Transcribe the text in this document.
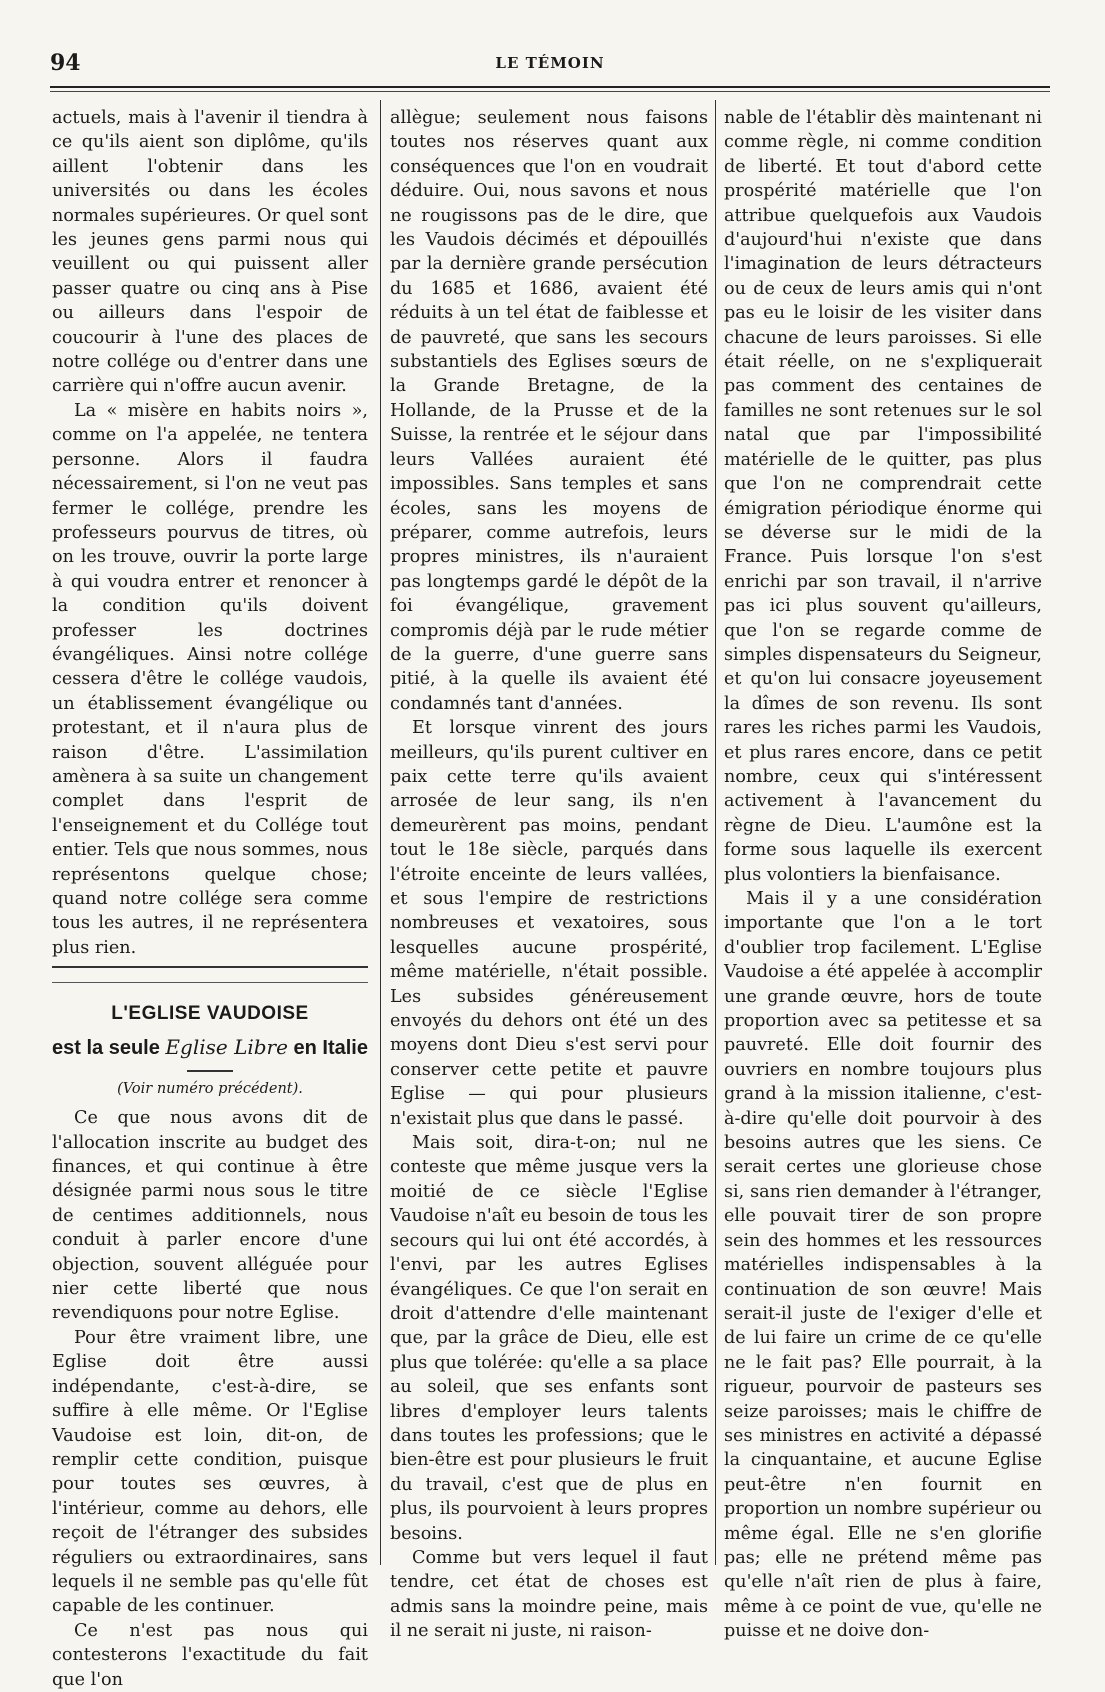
94	LE TÉMOIN

actuels, mais à l'avenir il tiendra à ce qu'ils aient son diplôme, qu'ils aillent l'obtenir dans les universités ou dans les écoles normales supérieures. Or quel sont les jeunes gens parmi nous qui veuillent ou qui puissent aller passer quatre ou cinq ans à Pise ou ailleurs dans l'espoir de coucourir à l'une des places de notre collége ou d'entrer dans une carrière qui n'offre aucun avenir.

La « misère en habits noirs », comme on l'a appelée, ne tentera personne. Alors il faudra nécessairement, si l'on ne veut pas fermer le collége, prendre les professeurs pourvus de titres, où on les trouve, ouvrir la porte large à qui voudra entrer et renoncer à la condition qu'ils doivent professer les doctrines évangéliques. Ainsi notre collége cessera d'être le collége vaudois, un établissement évangélique ou protestant, et il n'aura plus de raison d'être. L'assimilation amènera à sa suite un changement complet dans l'esprit de l'enseignement et du Collége tout entier. Tels que nous sommes, nous représentons quelque chose; quand notre collége sera comme tous les autres, il ne représentera plus rien.

L'EGLISE VAUDOISE
est la seule Eglise Libre en Italie
(Voir numéro précédent).

Ce que nous avons dit de l'allocation inscrite au budget des finances, et qui continue à être désignée parmi nous sous le titre de centimes additionnels, nous conduit à parler encore d'une objection, souvent alléguée pour nier cette liberté que nous revendiquons pour notre Eglise.

Pour être vraiment libre, une Eglise doit être aussi indépendante, c'est-à-dire, se suffire à elle même. Or l'Eglise Vaudoise est loin, dit-on, de remplir cette condition, puisque pour toutes ses œuvres, à l'intérieur, comme au dehors, elle reçoit de l'étranger des subsides réguliers ou extraordinaires, sans lequels il ne semble pas qu'elle fût capable de les continuer.

Ce n'est pas nous qui contesterons l'exactitude du fait que l'on

allègue; seulement nous faisons toutes nos réserves quant aux conséquences que l'on en voudrait déduire. Oui, nous savons et nous ne rougissons pas de le dire, que les Vaudois décimés et dépouillés par la dernière grande persécution du 1685 et 1686, avaient été réduits à un tel état de faiblesse et de pauvreté, que sans les secours substantiels des Eglises sœurs de la Grande Bretagne, de la Hollande, de la Prusse et de la Suisse, la rentrée et le séjour dans leurs Vallées auraient été impossibles. Sans temples et sans écoles, sans les moyens de préparer, comme autrefois, leurs propres ministres, ils n'auraient pas longtemps gardé le dépôt de la foi évangélique, gravement compromis déjà par le rude métier de la guerre, d'une guerre sans pitié, à la quelle ils avaient été condamnés tant d'années.

Et lorsque vinrent des jours meilleurs, qu'ils purent cultiver en paix cette terre qu'ils avaient arrosée de leur sang, ils n'en demeurèrent pas moins, pendant tout le 18e siècle, parqués dans l'étroite enceinte de leurs vallées, et sous l'empire de restrictions nombreuses et vexatoires, sous lesquelles aucune prospérité, même matérielle, n'était possible. Les subsides généreusement envoyés du dehors ont été un des moyens dont Dieu s'est servi pour conserver cette petite et pauvre Eglise — qui pour plusieurs n'existait plus que dans le passé.

Mais soit, dira-t-on; nul ne conteste que même jusque vers la moitié de ce siècle l'Eglise Vaudoise n'aît eu besoin de tous les secours qui lui ont été accordés, à l'envi, par les autres Eglises évangéliques. Ce que l'on serait en droit d'attendre d'elle maintenant que, par la grâce de Dieu, elle est plus que tolérée: qu'elle a sa place au soleil, que ses enfants sont libres d'employer leurs talents dans toutes les professions; que le bien-être est pour plusieurs le fruit du travail, c'est que de plus en plus, ils pourvoient à leurs propres besoins.

Comme but vers lequel il faut tendre, cet état de choses est admis sans la moindre peine, mais il ne serait ni juste, ni raison-

nable de l'établir dès maintenant ni comme règle, ni comme condition de liberté. Et tout d'abord cette prospérité matérielle que l'on attribue quelquefois aux Vaudois d'aujourd'hui n'existe que dans l'imagination de leurs détracteurs ou de ceux de leurs amis qui n'ont pas eu le loisir de les visiter dans chacune de leurs paroisses. Si elle était réelle, on ne s'expliquerait pas comment des centaines de familles ne sont retenues sur le sol natal que par l'impossibilité matérielle de le quitter, pas plus que l'on ne comprendrait cette émigration périodique énorme qui se déverse sur le midi de la France. Puis lorsque l'on s'est enrichi par son travail, il n'arrive pas ici plus souvent qu'ailleurs, que l'on se regarde comme de simples dispensateurs du Seigneur, et qu'on lui consacre joyeusement la dîmes de son revenu. Ils sont rares les riches parmi les Vaudois, et plus rares encore, dans ce petit nombre, ceux qui s'intéressent activement à l'avancement du règne de Dieu. L'aumône est la forme sous laquelle ils exercent plus volontiers la bienfaisance.

Mais il y a une considération importante que l'on a le tort d'oublier trop facilement. L'Eglise Vaudoise a été appelée à accomplir une grande œuvre, hors de toute proportion avec sa petitesse et sa pauvreté. Elle doit fournir des ouvriers en nombre toujours plus grand à la mission italienne, c'est-à-dire qu'elle doit pourvoir à des besoins autres que les siens. Ce serait certes une glorieuse chose si, sans rien demander à l'étranger, elle pouvait tirer de son propre sein des hommes et les ressources matérielles indispensables à la continuation de son œuvre! Mais serait-il juste de l'exiger d'elle et de lui faire un crime de ce qu'elle ne le fait pas? Elle pourrait, à la rigueur, pourvoir de pasteurs ses seize paroisses; mais le chiffre de ses ministres en activité a dépassé la cinquantaine, et aucune Eglise peut-être n'en fournit en proportion un nombre supérieur ou même égal. Elle ne s'en glorifie pas; elle ne prétend même pas qu'elle n'aît rien de plus à faire, même à ce point de vue, qu'elle ne puisse et ne doive don-
